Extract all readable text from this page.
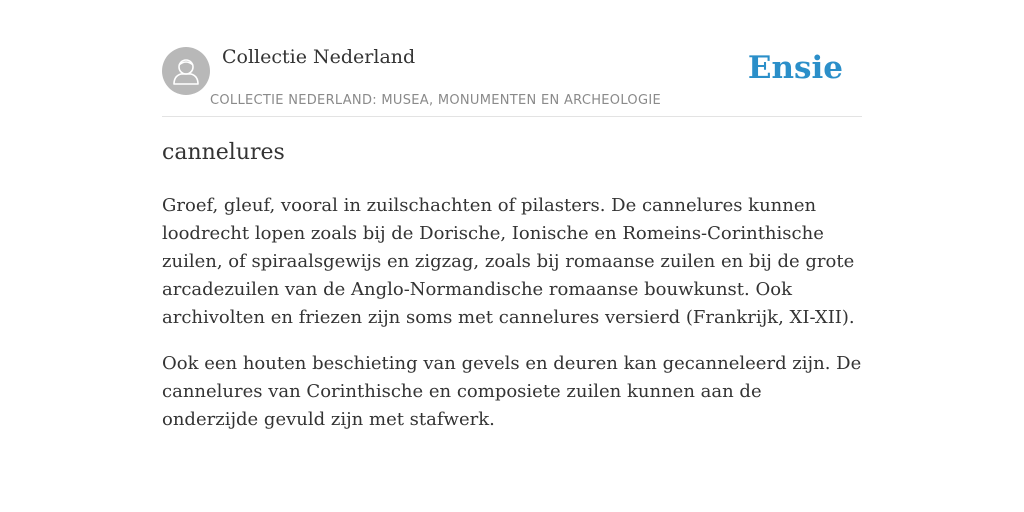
Collectie Nederland
COLLECTIE NEDERLAND: MUSEA, MONUMENTEN EN ARCHEOLOGIE
Ensie
cannelures

Groef, gleuf, vooral in zuilschachten of pilasters. De cannelures kunnen loodrecht lopen zoals bij de Dorische, Ionische en Romeins-Corinthische zuilen, of spiraalsgewijs en zigzag, zoals bij romaanse zuilen en bij de grote arcadezuilen van de Anglo-Normandische romaanse bouwkunst. Ook archivolten en friezen zijn soms met cannelures versierd (Frankrijk, XI-XII).

Ook een houten beschieting van gevels en deuren kan gecanneleerd zijn. De cannelures van Corinthische en composiete zuilen kunnen aan de onderzijde gevuld zijn met stafwerk.
